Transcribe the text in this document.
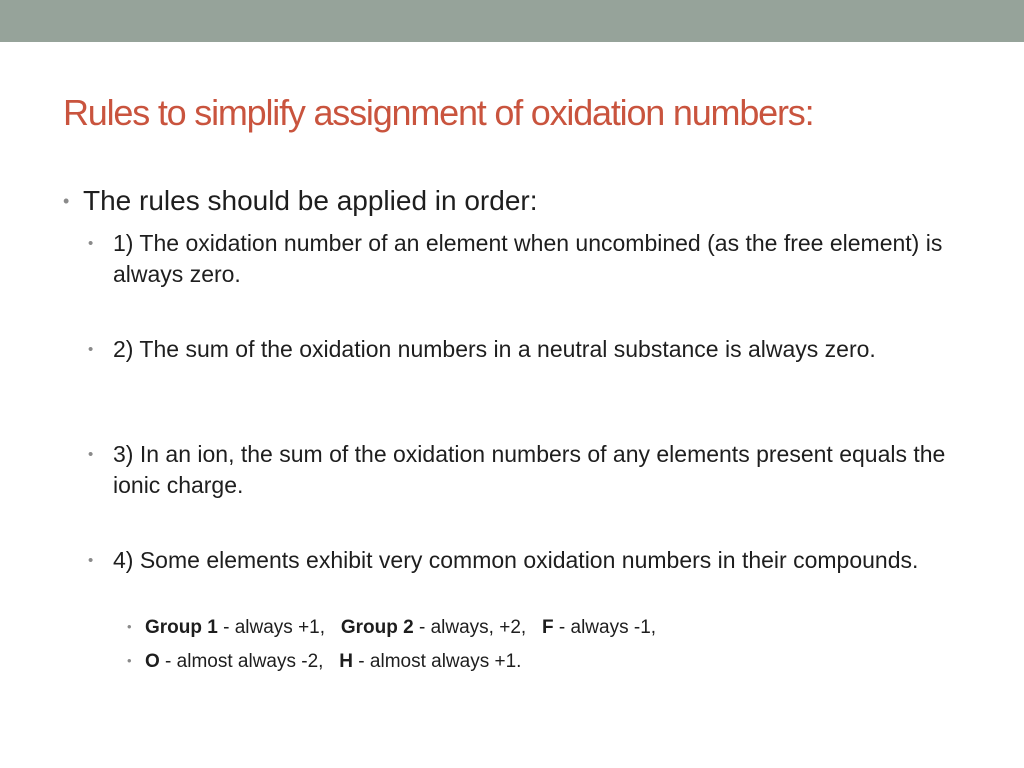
Rules to simplify assignment of oxidation numbers:
• The rules should be applied in order:
• 1) The oxidation number of an element when uncombined (as the free element) is always zero.
• 2) The sum of the oxidation numbers in a neutral substance is always zero.
• 3) In an ion, the sum of the oxidation numbers of any elements present equals the ionic charge.
• 4) Some elements exhibit very common oxidation numbers in their compounds.
• Group 1 - always +1,   Group 2 - always, +2,   F - always -1,
• O - almost always -2,   H - almost always +1.
